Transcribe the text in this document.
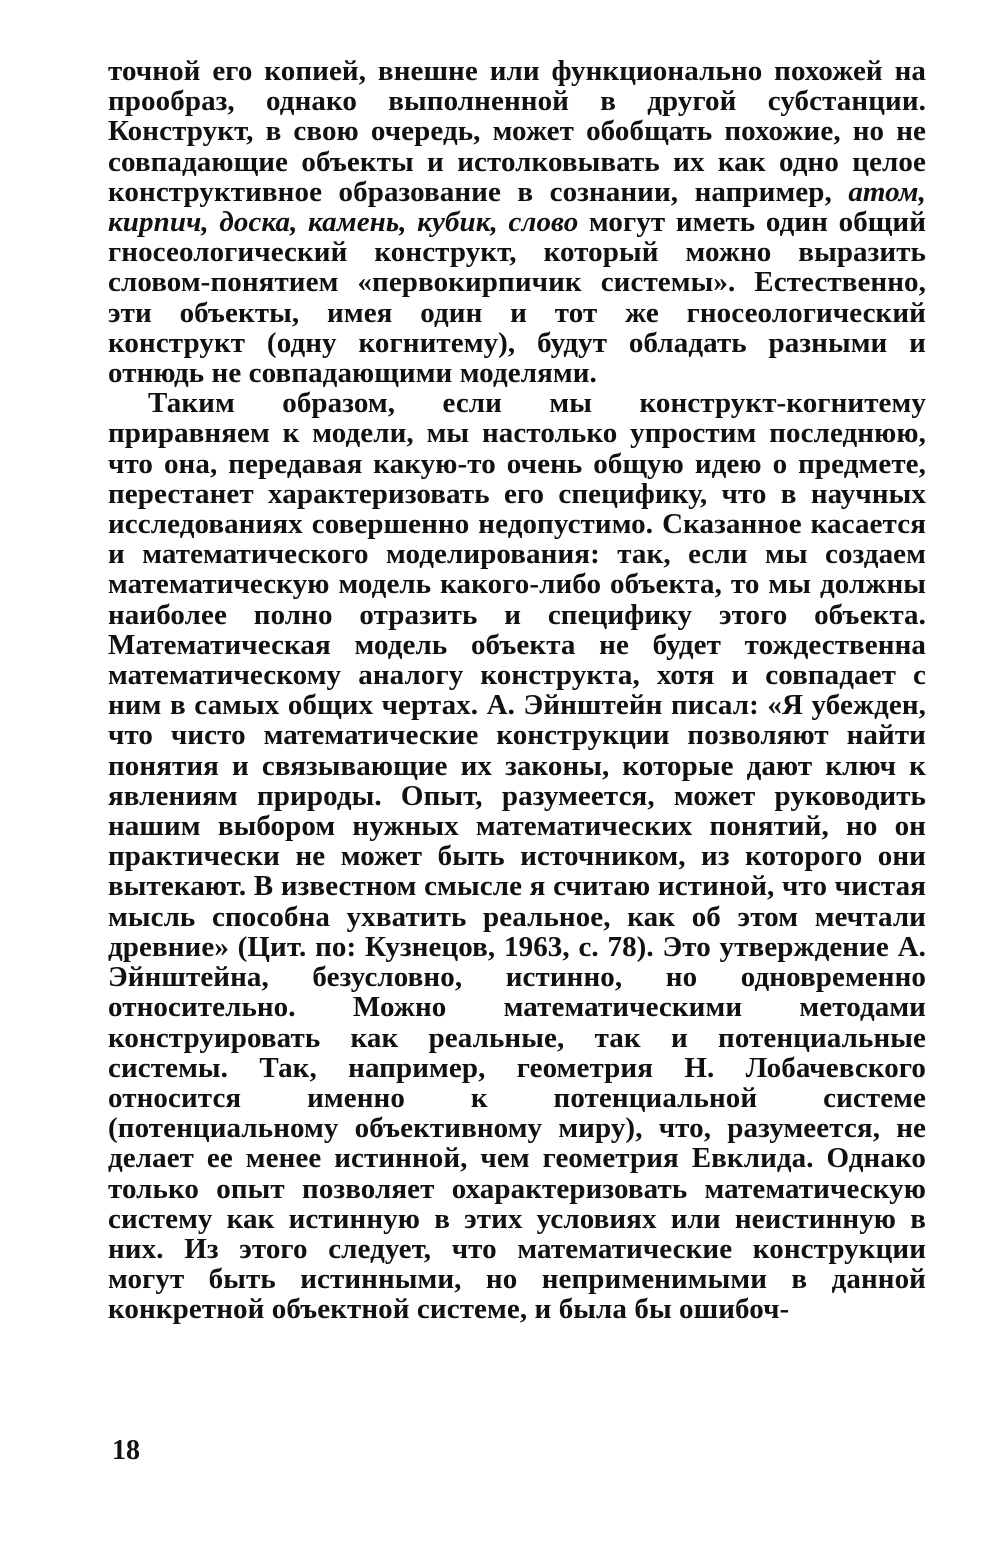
точной его копией, внешне или функционально похожей на прообраз, однако выполненной в другой субстанции. Конструкт, в свою очередь, может обобщать похожие, но не совпадающие объекты и истолковывать их как одно целое конструктивное образование в сознании, например, атом, кирпич, доска, камень, кубик, слово могут иметь один общий гносеологический конструкт, который можно выразить словом-понятием «первокирпичик системы». Естественно, эти объекты, имея один и тот же гносеологический конструкт (одну когнитему), будут обладать разными и отнюдь не совпадающими моделями.

Таким образом, если мы конструкт-когнитему приравняем к модели, мы настолько упростим последнюю, что она, передавая какую-то очень общую идею о предмете, перестанет характеризовать его специфику, что в научных исследованиях совершенно недопустимо. Сказанное касается и математического моделирования: так, если мы создаем математическую модель какого-либо объекта, то мы должны наиболее полно отразить и специфику этого объекта. Математическая модель объекта не будет тождественна математическому аналогу конструкта, хотя и совпадает с ним в самых общих чертах. А. Эйнштейн писал: «Я убежден, что чисто математические конструкции позволяют найти понятия и связывающие их законы, которые дают ключ к явлениям природы. Опыт, разумеется, может руководить нашим выбором нужных математических понятий, но он практически не может быть источником, из которого они вытекают. В известном смысле я считаю истиной, что чистая мысль способна ухватить реальное, как об этом мечтали древние» (Цит. по: Кузнецов, 1963, с. 78). Это утверждение А. Эйнштейна, безусловно, истинно, но одновременно относительно. Можно математическими методами конструировать как реальные, так и потенциальные системы. Так, например, геометрия Н. Лобачевского относится именно к потенциальной системе (потенциальному объективному миру), что, разумеется, не делает ее менее истинной, чем геометрия Евклида. Однако только опыт позволяет охарактеризовать математическую систему как истинную в этих условиях или неистинную в них. Из этого следует, что математические конструкции могут быть истинными, но неприменимыми в данной конкретной объектной системе, и была бы ошибоч-

18
